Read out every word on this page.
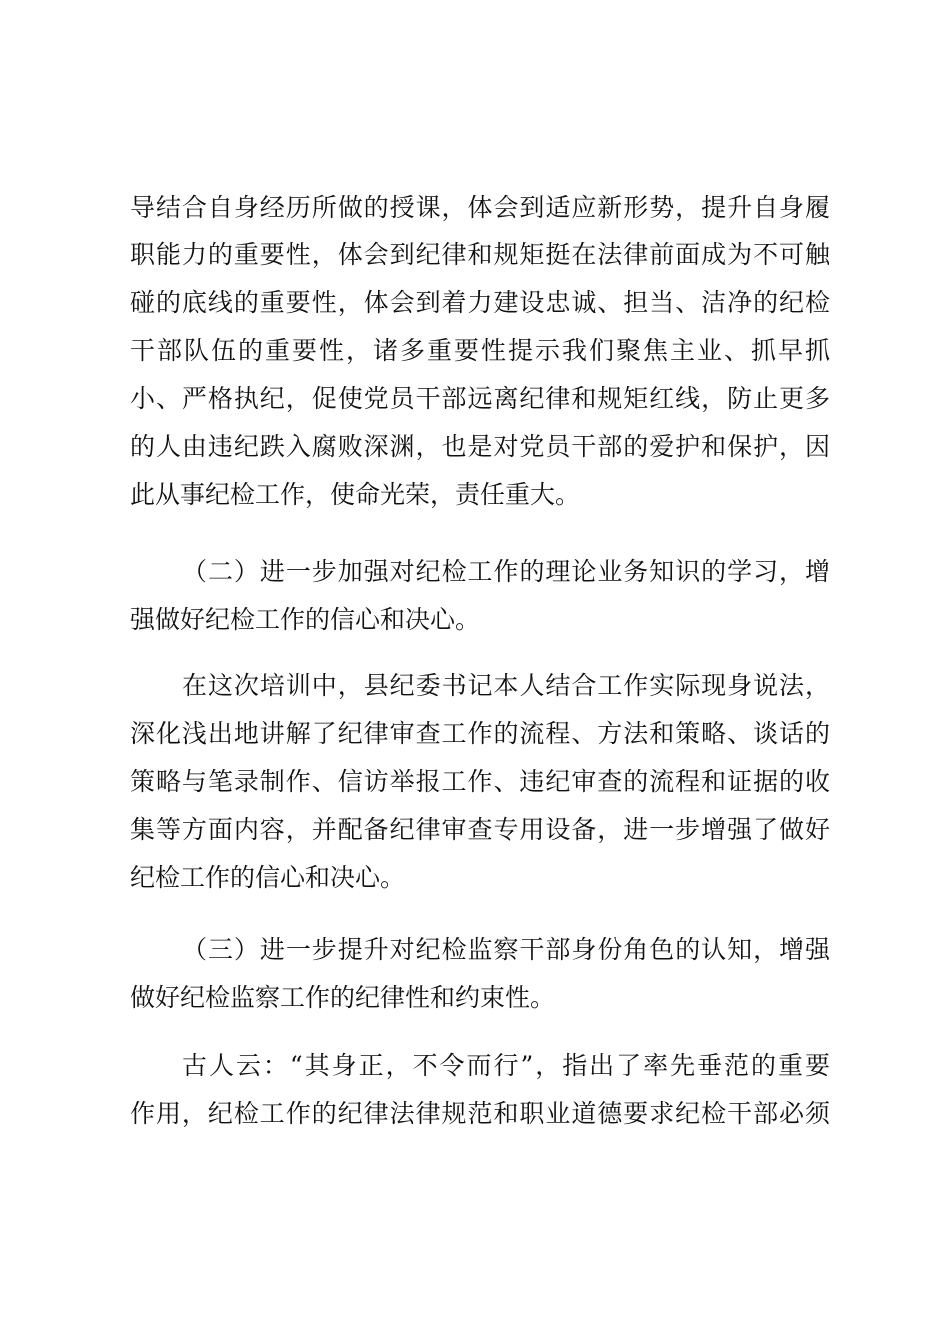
导结合自身经历所做的授课，体会到适应新形势，提升自身履
职能力的重要性，体会到纪律和规矩挺在法律前面成为不可触
碰的底线的重要性，体会到着力建设忠诚、担当、洁净的纪检
干部队伍的重要性，诸多重要性提示我们聚焦主业、抓早抓
小、严格执纪，促使党员干部远离纪律和规矩红线，防止更多
的人由违纪跌入腐败深渊，也是对党员干部的爱护和保护，因
此从事纪检工作，使命光荣，责任重大。
（二）进一步加强对纪检工作的理论业务知识的学习，增
强做好纪检工作的信心和决心。
在这次培训中，县纪委书记本人结合工作实际现身说法，
深化浅出地讲解了纪律审查工作的流程、方法和策略、谈话的
策略与笔录制作、信访举报工作、违纪审查的流程和证据的收
集等方面内容，并配备纪律审查专用设备，进一步增强了做好
纪检工作的信心和决心。
（三）进一步提升对纪检监察干部身份角色的认知，增强
做好纪检监察工作的纪律性和约束性。
古人云：“其身正，不令而行”，指出了率先垂范的重要
作用，纪检工作的纪律法律规范和职业道德要求纪检干部必须
